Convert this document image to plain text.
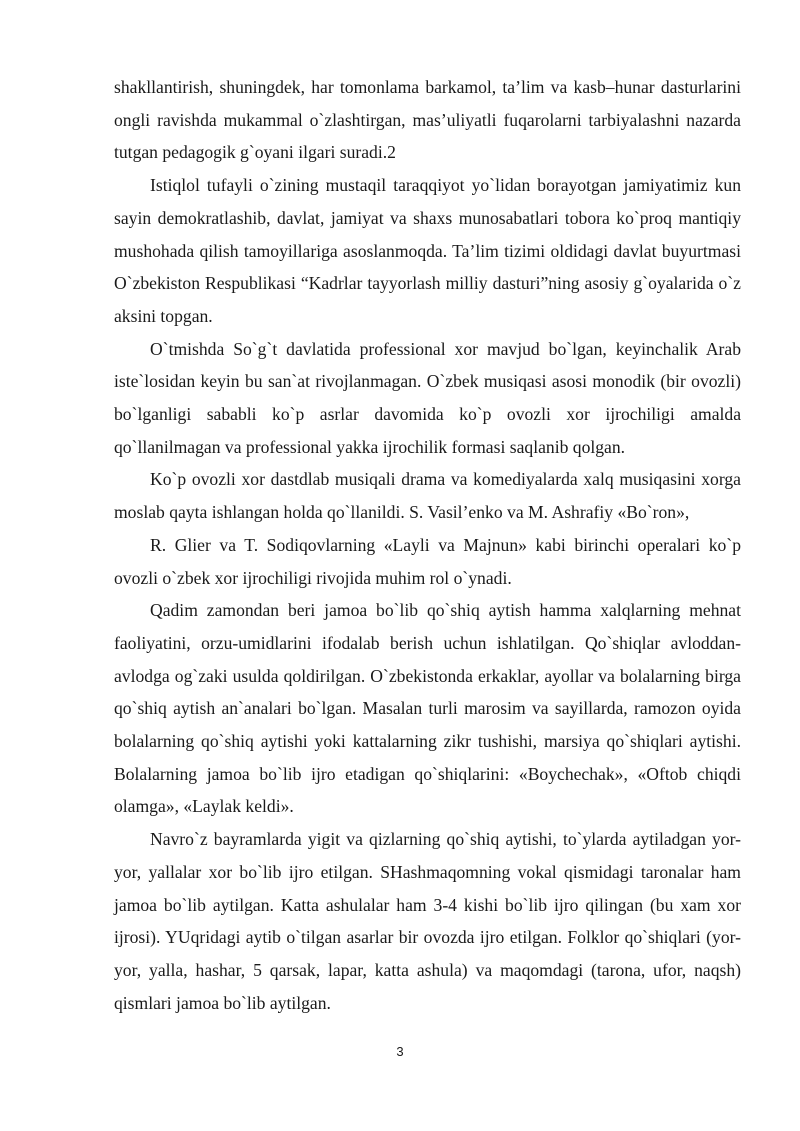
shakllantirish, shuningdek, har tomonlama barkamol, ta’lim va kasb–hunar dasturlarini ongli ravishda mukammal o`zlashtirgan, mas’uliyatli fuqarolarni tarbiyalashni nazarda tutgan pedagogik g`oyani ilgari suradi.2

Istiqlol tufayli o`zining mustaqil taraqqiyot yo`lidan borayotgan jamiyatimiz kun sayin demokratlashib, davlat, jamiyat va shaxs munosabatlari tobora ko`proq mantiqiy mushohada qilish tamoyillariga asoslanmoqda. Ta’lim tizimi oldidagi davlat buyurtmasi O`zbekiston Respublikasi “Kadrlar tayyorlash milliy dasturi”ning asosiy g`oyalarida o`z aksini topgan.

O`tmishda So`g`t davlatida professional xor mavjud bo`lgan, keyinchalik Arab iste`losidan keyin bu san`at rivojlanmagan. O`zbek musiqasi asosi monodik (bir ovozli) bo`lganligi sababli ko`p asrlar davomida ko`p ovozli xor ijrochiligi amalda qo`llanilmagan va professional yakka ijrochilik formasi saqlanib qolgan.

Ko`p ovozli xor dastdlab musiqali drama va komediyalarda xalq musiqasini xorga moslab qayta ishlangan holda qo`llanildi. S. Vasil’enko va M. Ashrafiy «Bo`ron»,

R. Glier va T. Sodiqovlarning «Layli va Majnun» kabi birinchi operalari ko`p ovozli o`zbek xor ijrochiligi rivojida muhim rol o`ynadi.

Qadim zamondan beri jamoa bo`lib qo`shiq aytish hamma xalqlarning mehnat faoliyatini, orzu-umidlarini ifodalab berish uchun ishlatilgan. Qo`shiqlar avloddan-avlodga og`zaki usulda qoldirilgan. O`zbekistonda erkaklar, ayollar va bolalarning birga qo`shiq aytish an`analari bo`lgan. Masalan turli marosim va sayillarda, ramozon oyida bolalarning qo`shiq aytishi yoki kattalarning zikr tushishi, marsiya qo`shiqlari aytishi. Bolalarning jamoa bo`lib ijro etadigan qo`shiqlarini: «Boychechak», «Oftob chiqdi olamga», «Laylak keldi».

Navro`z bayramlarda yigit va qizlarning qo`shiq aytishi, to`ylarda aytiladgan yor-yor, yallalar xor bo`lib ijro etilgan. SHashmaqomning vokal qismidagi taronalar ham jamoa bo`lib aytilgan. Katta ashulalar ham 3-4 kishi bo`lib ijro qilingan (bu xam xor ijrosi). YUqridagi aytib o`tilgan asarlar bir ovozda ijro etilgan. Folklor qo`shiqlari (yor-yor, yalla, hashar, 5 qarsak, lapar, katta ashula) va maqomdagi (tarona, ufor, naqsh) qismlari jamoa bo`lib aytilgan.

3
